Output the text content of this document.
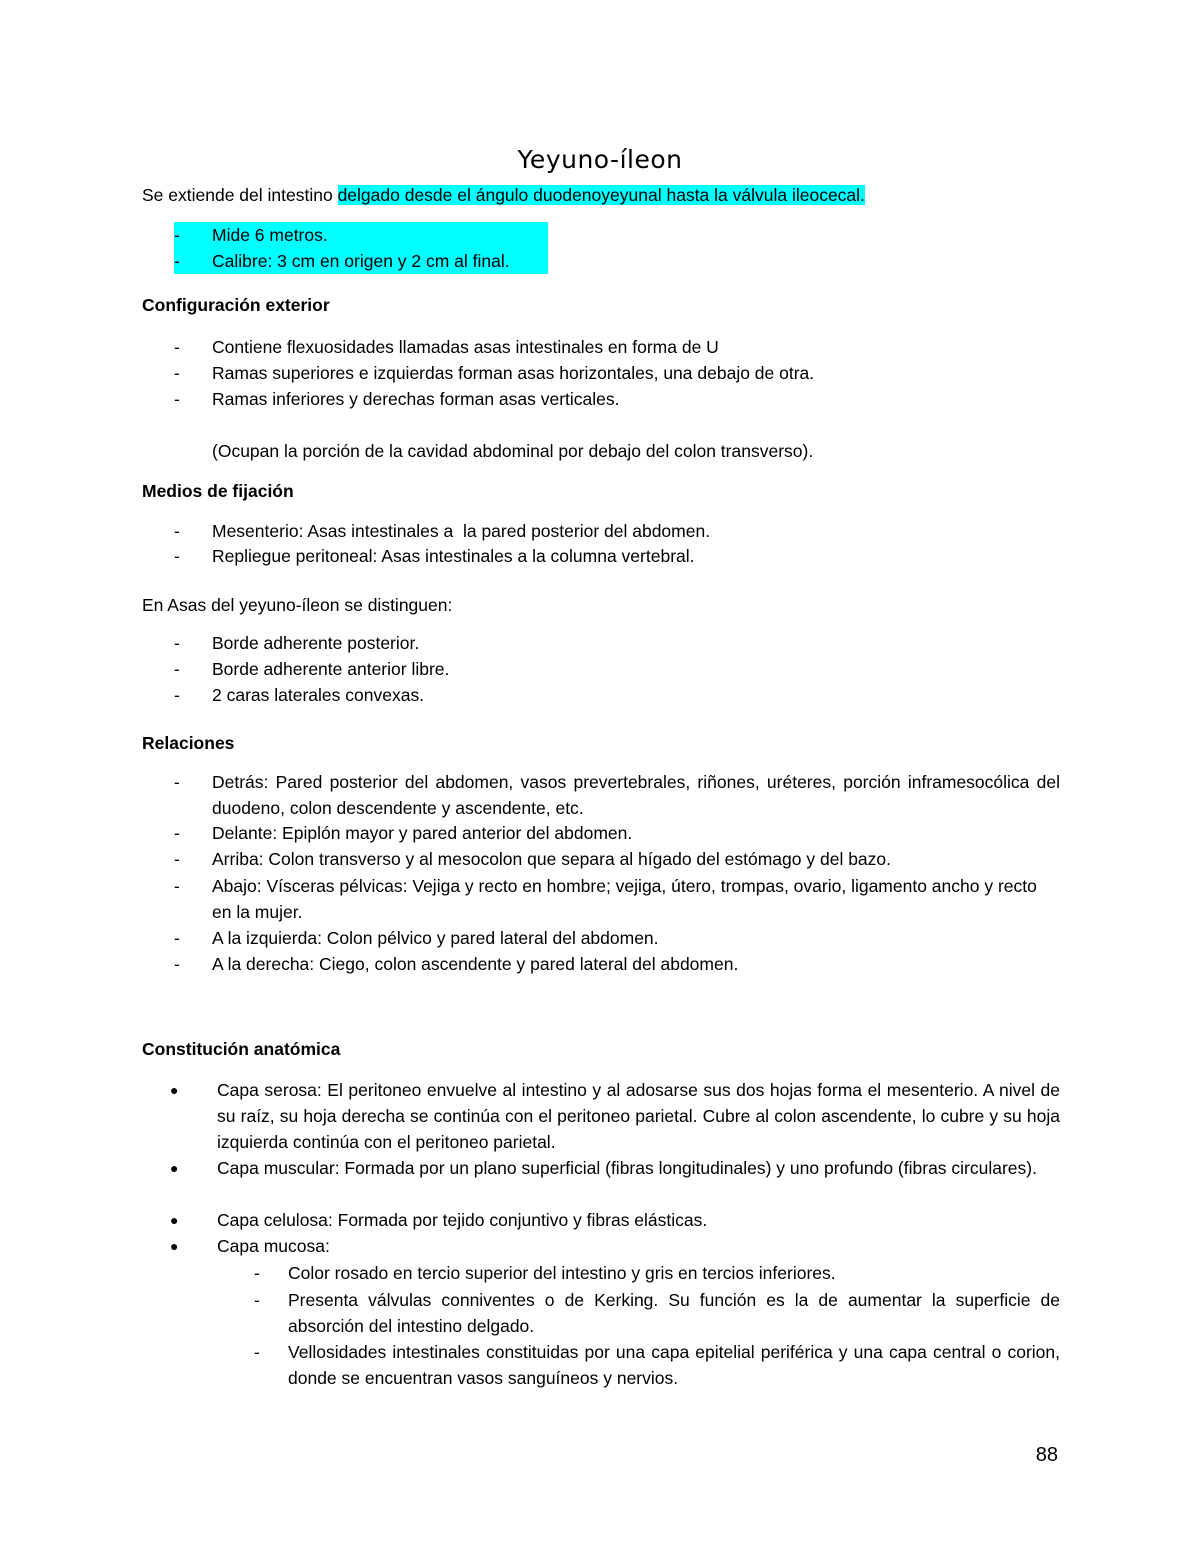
Yeyuno-íleon
Se extiende del intestino delgado desde el ángulo duodenoyeyunal hasta la válvula ileocecal.
- Mide 6 metros.
- Calibre: 3 cm en origen y 2 cm al final.
Configuración exterior
- Contiene flexuosidades llamadas asas intestinales en forma de U
- Ramas superiores e izquierdas forman asas horizontales, una debajo de otra.
- Ramas inferiores y derechas forman asas verticales.
(Ocupan la porción de la cavidad abdominal por debajo del colon transverso).
Medios de fijación
- Mesenterio: Asas intestinales a  la pared posterior del abdomen.
- Repliegue peritoneal: Asas intestinales a la columna vertebral.
En Asas del yeyuno-íleon se distinguen:
- Borde adherente posterior.
- Borde adherente anterior libre.
- 2 caras laterales convexas.
Relaciones
- Detrás: Pared posterior del abdomen, vasos prevertebrales, riñones, uréteres, porción inframesocólica del duodeno, colon descendente y ascendente, etc.
- Delante: Epiplón mayor y pared anterior del abdomen.
- Arriba: Colon transverso y al mesocolon que separa al hígado del estómago y del bazo.
- Abajo: Vísceras pélvicas: Vejiga y recto en hombre; vejiga, útero, trompas, ovario, ligamento ancho y recto en la mujer.
- A la izquierda: Colon pélvico y pared lateral del abdomen.
- A la derecha: Ciego, colon ascendente y pared lateral del abdomen.
Constitución anatómica
● Capa serosa: El peritoneo envuelve al intestino y al adosarse sus dos hojas forma el mesenterio. A nivel de su raíz, su hoja derecha se continúa con el peritoneo parietal. Cubre al colon ascendente, lo cubre y su hoja izquierda continúa con el peritoneo parietal.
● Capa muscular: Formada por un plano superficial (fibras longitudinales) y uno profundo (fibras circulares).
● Capa celulosa: Formada por tejido conjuntivo y fibras elásticas.
● Capa mucosa:
- Color rosado en tercio superior del intestino y gris en tercios inferiores.
- Presenta válvulas conniventes o de Kerking. Su función es la de aumentar la superficie de absorción del intestino delgado.
- Vellosidades intestinales constituidas por una capa epitelial periférica y una capa central o corion, donde se encuentran vasos sanguíneos y nervios.
88
